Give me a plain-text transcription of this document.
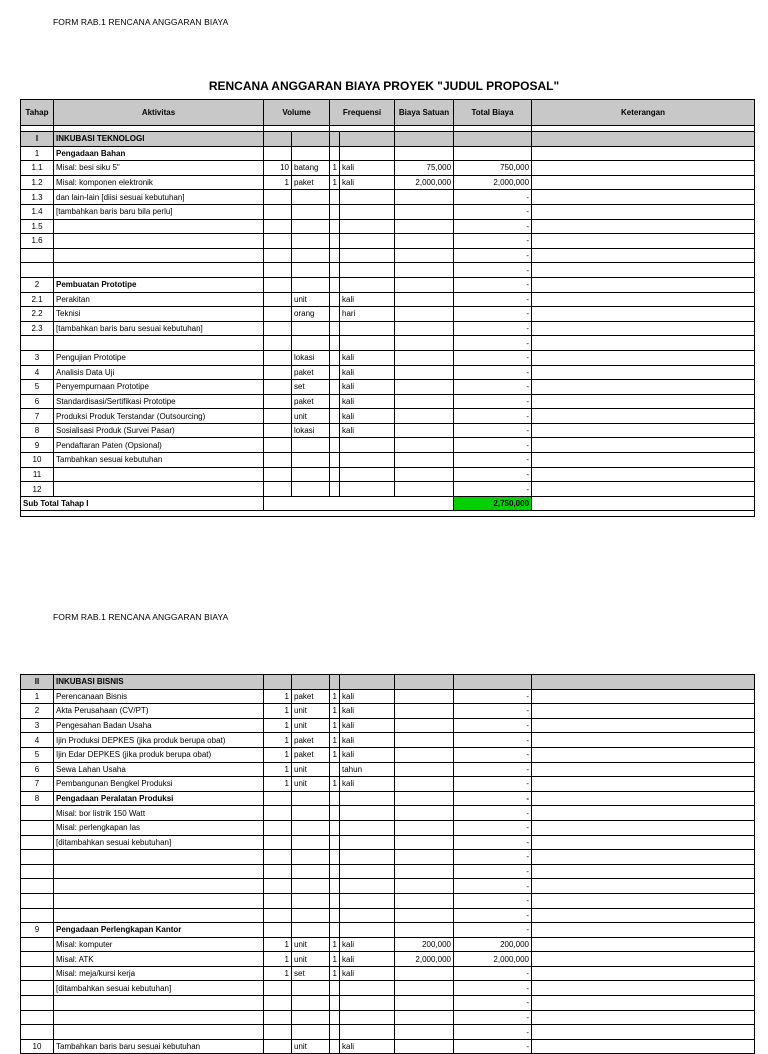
FORM RAB.1 RENCANA ANGGARAN BIAYA
RENCANA ANGGARAN BIAYA PROYEK "JUDUL PROPOSAL"
Tahap	Aktivitas	Volume		Frequensi		Biaya Satuan	Total Biaya	Keterangan

I	INKUBASI TEKNOLOGI							
1	Pengadaan Bahan							
1.1	Misal: besi siku 5"	10	batang	1	kali	75,000	750,000	
1.2	Misal: komponen elektronik	1	paket	1	kali	2,000,000	2,000,000	
1.3	dan lain-lain [diisi sesuai kebutuhan]						-	
1.4	[tambahkan baris baru bila perlu]						-	
1.5							-	
1.6							-	
							-	
							-	
2	Pembuatan Prototipe						-	
2.1	Perakitan		unit		kali		-	
2.2	Teknisi		orang		hari		-	
2.3	[tambahkan baris baru sesuai kebutuhan]						-	
							-	
3	Pengujian Prototipe		lokasi		kali		-	
4	Analisis Data Uji		paket		kali		-	
5	Penyempurnaan Prototipe		set		kali		-	
6	Standardisasi/Sertifikasi Prototipe		paket		kali		-	
7	Produksi Produk Terstandar (Outsourcing)		unit		kali		-	
8	Sosialisasi Produk (Survei Pasar)		lokasi		kali		-	
9	Pendaftaran Paten (Opsional)						-	
10	Tambahkan sesuai kebutuhan						-	
11							-	
12							-	
Sub Total Tahap I							2,750,000	

FORM RAB.1 RENCANA ANGGARAN BIAYA
II	INKUBASI BISNIS							
1	Perencanaan Bisnis	1	paket	1	kali		-	
2	Akta Perusahaan (CV/PT)	1	unit	1	kali		-	
3	Pengesahan Badan Usaha	1	unit	1	kali		-	
4	Ijin Produksi DEPKES (jika produk berupa obat)	1	paket	1	kali		-	
5	Ijin Edar DEPKES (jika produk berupa obat)	1	paket	1	kali		-	
6	Sewa Lahan Usaha	1	unit		tahun		-	
7	Pembangunan Bengkel Produksi	1	unit	1	kali		-	
8	Pengadaan Peralatan Produksi						-	
	Misal: bor listrik 150 Watt						-	
	Misal: perlengkapan las						-	
	[ditambahkan sesuai kebutuhan]						-	
							-	
							-	
							-	
							-	
							-	
9	Pengadaan Perlengkapan Kantor						-	
	Misal: komputer	1	unit	1	kali	200,000	200,000	
	Misal: ATK	1	unit	1	kali	2,000,000	2,000,000	
	Misal: meja/kursi kerja	1	set	1	kali		-	
	[ditambahkan sesuai kebutuhan]						-	
							-	
							-	
							-	
10	Tambahkan baris baru sesuai kebutuhan		unit		kali		-	
